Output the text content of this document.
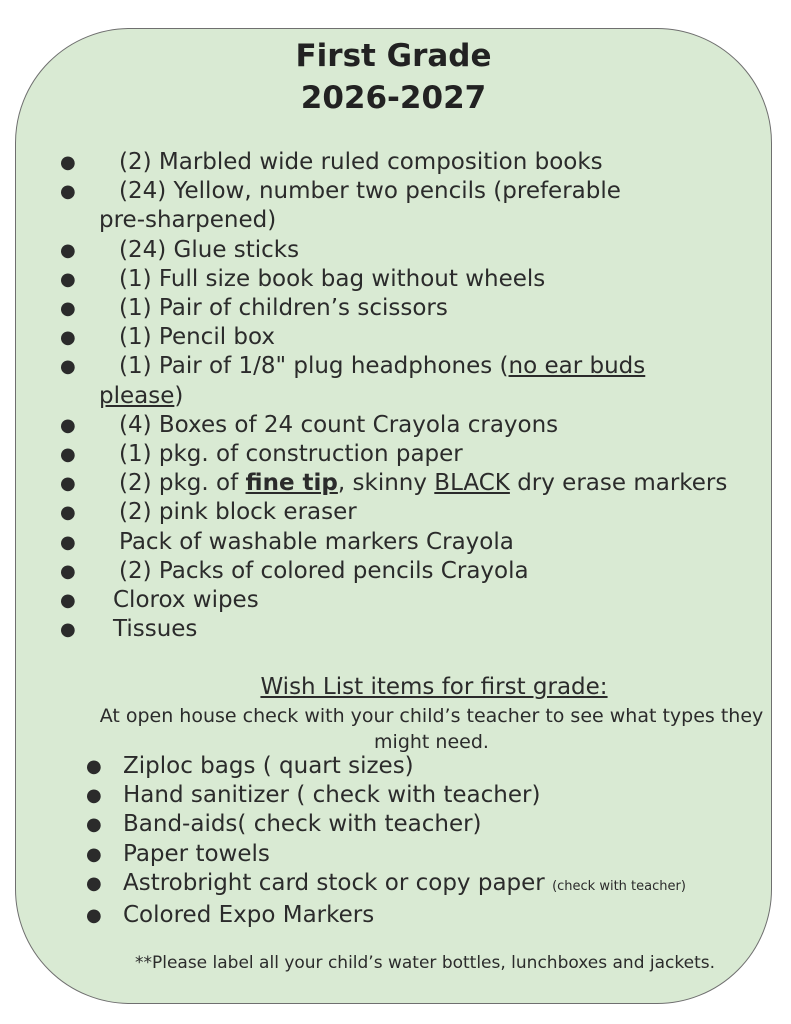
First Grade
2026-2027
● (2) Marbled wide ruled composition books
● (24) Yellow, number two pencils (preferable
pre-sharpened)
● (24) Glue sticks
● (1) Full size book bag without wheels
● (1) Pair of children’s scissors
● (1) Pencil box
● (1) Pair of 1/8" plug headphones (no ear buds
please)
● (4) Boxes of 24 count Crayola crayons
● (1) pkg. of construction paper
● (2) pkg. of fine tip, skinny BLACK dry erase markers
● (2) pink block eraser
● Pack of washable markers Crayola
● (2) Packs of colored pencils Crayola
● Clorox wipes
● Tissues
Wish List items for first grade:
At open house check with your child’s teacher to see what types they might need.
● Ziploc bags ( quart sizes)
● Hand sanitizer ( check with teacher)
● Band-aids( check with teacher)
● Paper towels
● Astrobright card stock or copy paper (check with teacher)
● Colored Expo Markers
**Please label all your child’s water bottles, lunchboxes and jackets.
